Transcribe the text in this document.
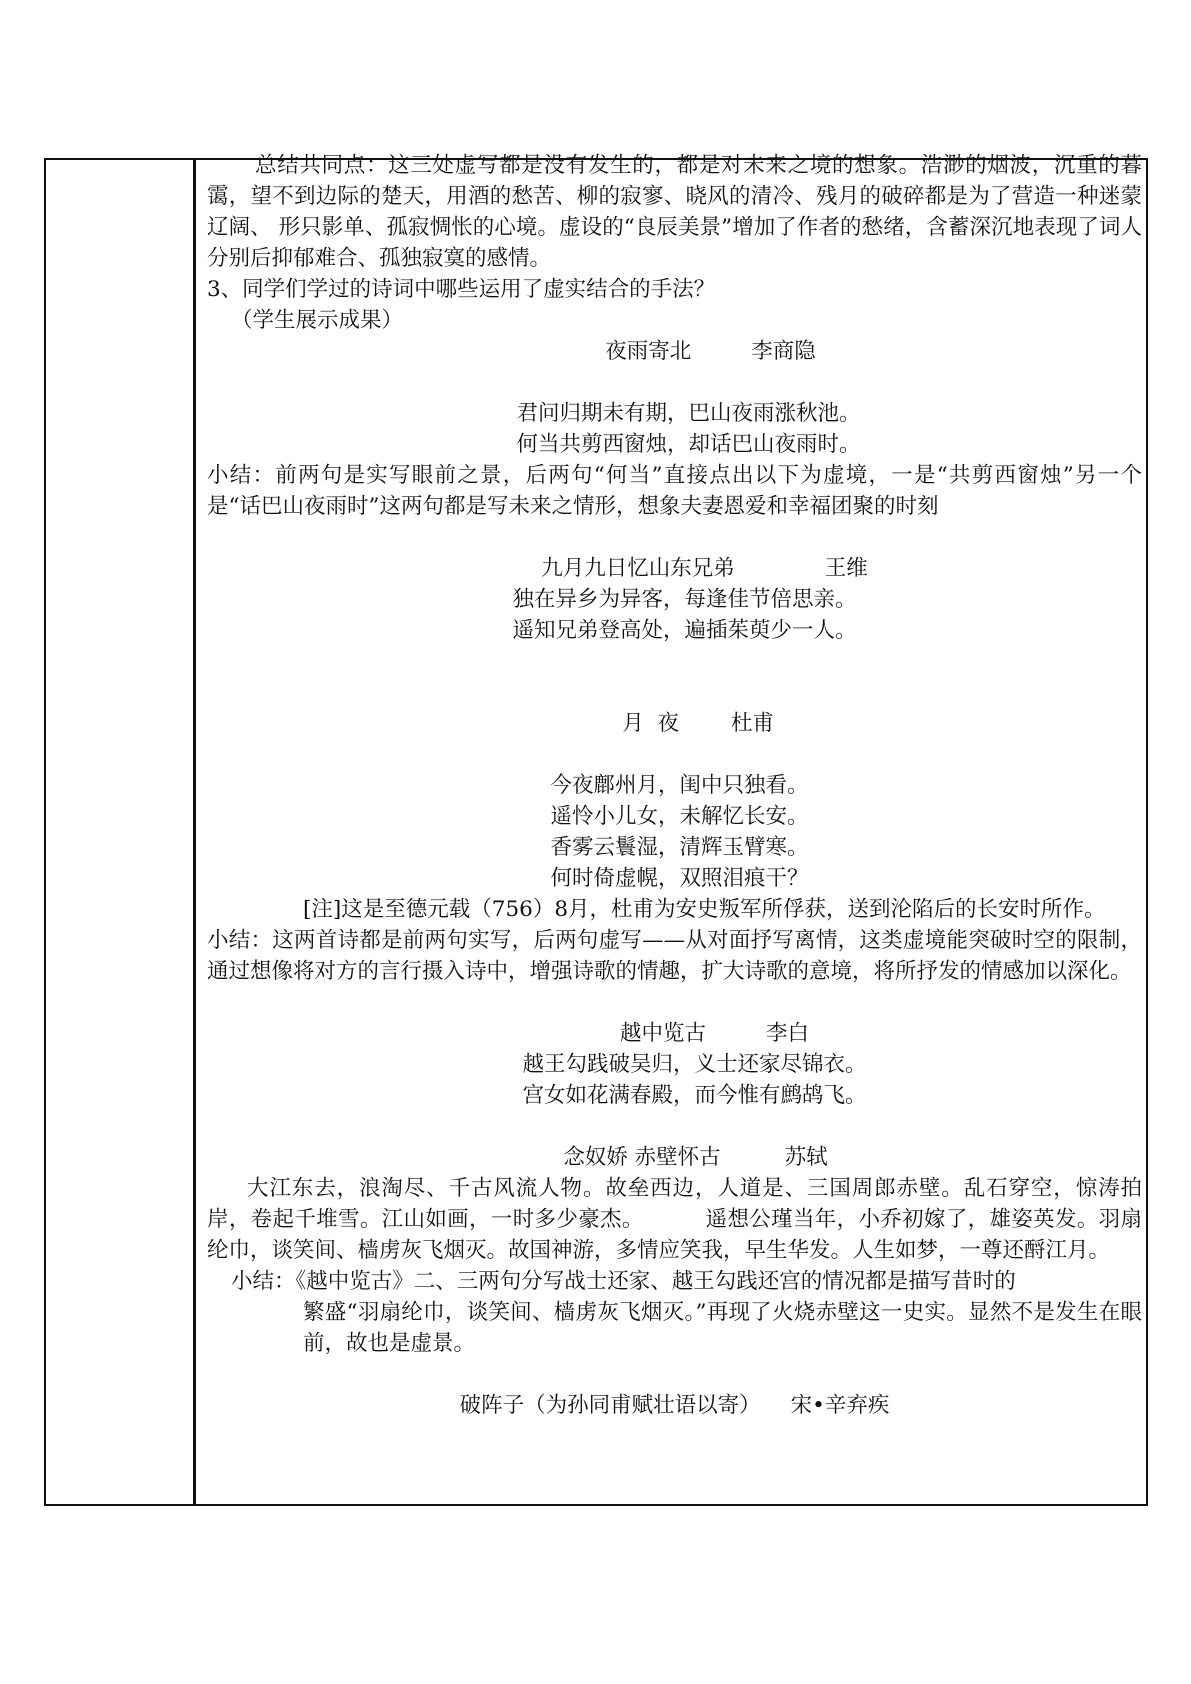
总结共同点：这三处虚写都是没有发生的，都是对未来之境的想象。浩渺的烟波，沉重的暮霭，望不到边际的楚天，用酒的愁苦、柳的寂寥、晓风的清冷、残月的破碎都是为了营造一种迷蒙辽阔、 形只影单、孤寂惆怅的心境。虚设的“良辰美景”增加了作者的愁绪，含蓄深沉地表现了词人分别后抑郁难合、孤独寂寞的感情。

3、同学们学过的诗词中哪些运用了虚实结合的手法？

（学生展示成果）

夜雨寄北	李商隐

君问归期未有期，巴山夜雨涨秋池。

何当共剪西窗烛，却话巴山夜雨时。

小结：前两句是实写眼前之景，后两句“何当”直接点出以下为虚境，一是“共剪西窗烛”另一个是“话巴山夜雨时”这两句都是写未来之情形，想象夫妻恩爱和幸福团聚的时刻

九月九日忆山东兄弟	王维

独在异乡为异客，每逢佳节倍思亲。

遥知兄弟登高处，遍插茱萸少一人。

月  夜 杜甫

今夜鄜州月，闺中只独看。

遥怜小儿女，未解忆长安。

香雾云鬟湿，清辉玉臂寒。

何时倚虚幌，双照泪痕干？

[注]这是至德元载（756）8月，杜甫为安史叛军所俘获，送到沦陷后的长安时所作。

小结：这两首诗都是前两句实写，后两句虚写——从对面抒写离情，这类虚境能突破时空的限制，通过想像将对方的言行摄入诗中，增强诗歌的情趣，扩大诗歌的意境，将所抒发的情感加以深化。

越中览古	李白

越王勾践破吴归，义士还家尽锦衣。

宫女如花满春殿，而今惟有鹧鸪飞。

念奴娇 赤壁怀古	苏轼

大江东去，浪淘尽、千古风流人物。故垒西边，人道是、三国周郎赤壁。乱石穿空，惊涛拍岸，卷起千堆雪。江山如画，一时多少豪杰。　　　 遥想公瑾当年，小乔初嫁了，雄姿英发。羽扇纶巾，谈笑间、樯虏灰飞烟灭。故国神游，多情应笑我，早生华发。人生如梦，一尊还酹江月。

小结：《越中览古》二、三两句分写战士还家、越王勾践还宫的情况都是描写昔时的

繁盛“羽扇纶巾，谈笑间、樯虏灰飞烟灭。”再现了火烧赤壁这一史实。显然不是发生在眼前，故也是虚景。

破阵子（为孙同甫赋壮语以寄） 宋•辛弃疾
